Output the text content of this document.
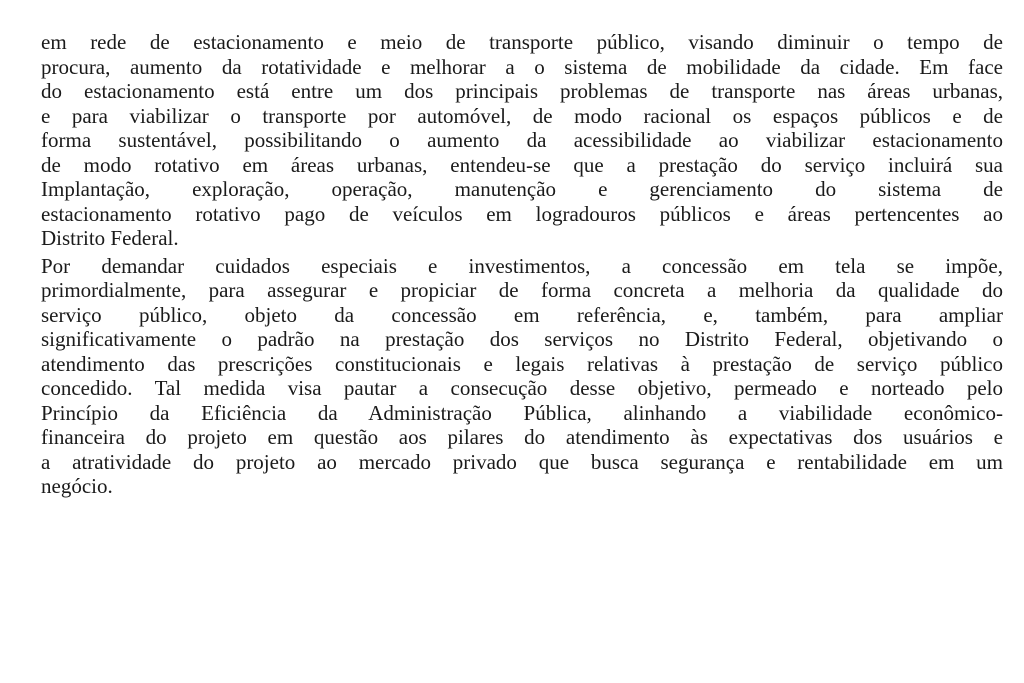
em rede de estacionamento e meio de transporte público, visando diminuir o tempo de
procura, aumento da rotatividade e melhorar a o sistema de mobilidade da cidade. Em face
do estacionamento está entre um dos principais problemas de transporte nas áreas urbanas,
e para viabilizar o transporte por automóvel, de modo racional os espaços públicos e de
forma sustentável, possibilitando o aumento da acessibilidade ao viabilizar estacionamento
de modo rotativo em áreas urbanas, entendeu-se que a prestação do serviço incluirá sua
Implantação, exploração, operação, manutenção e gerenciamento do sistema de
estacionamento rotativo pago de veículos em logradouros públicos e áreas pertencentes ao
Distrito Federal.

Por demandar cuidados especiais e investimentos, a concessão em tela se impõe,
primordialmente, para assegurar e propiciar de forma concreta a melhoria da qualidade do
serviço público, objeto da concessão em referência, e, também, para ampliar
significativamente o padrão na prestação dos serviços no Distrito Federal, objetivando o
atendimento das prescrições constitucionais e legais relativas à prestação de serviço público
concedido. Tal medida visa pautar a consecução desse objetivo, permeado e norteado pelo
Princípio da Eficiência da Administração Pública, alinhando a viabilidade econômico-
financeira do projeto em questão aos pilares do atendimento às expectativas dos usuários e
a atratividade do projeto ao mercado privado que busca segurança e rentabilidade em um
negócio.
